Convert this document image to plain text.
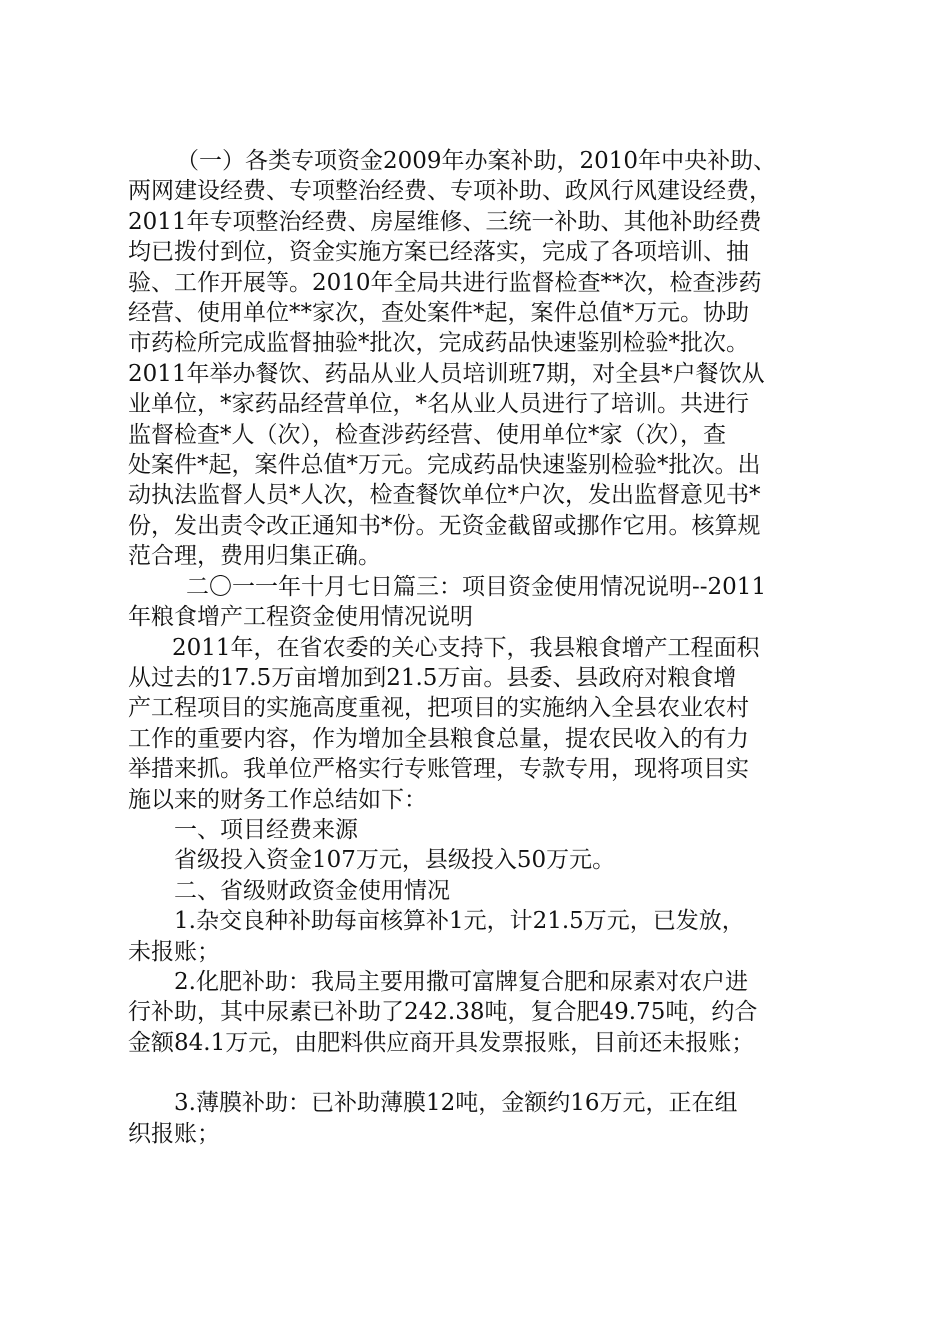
（一）各类专项资金2009年办案补助，2010年中央补助、
两网建设经费、专项整治经费、专项补助、政风行风建设经费，
2011年专项整治经费、房屋维修、三统一补助、其他补助经费
均已拨付到位，资金实施方案已经落实，完成了各项培训、抽
验、工作开展等。2010年全局共进行监督检查**次，检查涉药
经营、使用单位**家次，查处案件*起，案件总值*万元。协助
市药检所完成监督抽验*批次，完成药品快速鉴别检验*批次。
2011年举办餐饮、药品从业人员培训班7期，对全县*户餐饮从
业单位，*家药品经营单位，*名从业人员进行了培训。共进行
监督检查*人（次），检查涉药经营、使用单位*家（次），查
处案件*起，案件总值*万元。完成药品快速鉴别检验*批次。出
动执法监督人员*人次，检查餐饮单位*户次，发出监督意见书*
份，发出责令改正通知书*份。无资金截留或挪作它用。核算规
范合理，费用归集正确。
二〇一一年十月七日篇三：项目资金使用情况说明--2011
年粮食增产工程资金使用情况说明
2011年，在省农委的关心支持下，我县粮食增产工程面积
从过去的17.5万亩增加到21.5万亩。县委、县政府对粮食增
产工程项目的实施高度重视，把项目的实施纳入全县农业农村
工作的重要内容，作为增加全县粮食总量，提农民收入的有力
举措来抓。我单位严格实行专账管理，专款专用，现将项目实
施以来的财务工作总结如下：
一、项目经费来源
省级投入资金107万元，县级投入50万元。
二、省级财政资金使用情况
1.杂交良种补助每亩核算补1元，计21.5万元，已发放，
未报账；
2.化肥补助：我局主要用撒可富牌复合肥和尿素对农户进
行补助，其中尿素已补助了242.38吨，复合肥49.75吨，约合
金额84.1万元，由肥料供应商开具发票报账，目前还未报账；
3.薄膜补助：已补助薄膜12吨，金额约16万元，正在组
织报账；
